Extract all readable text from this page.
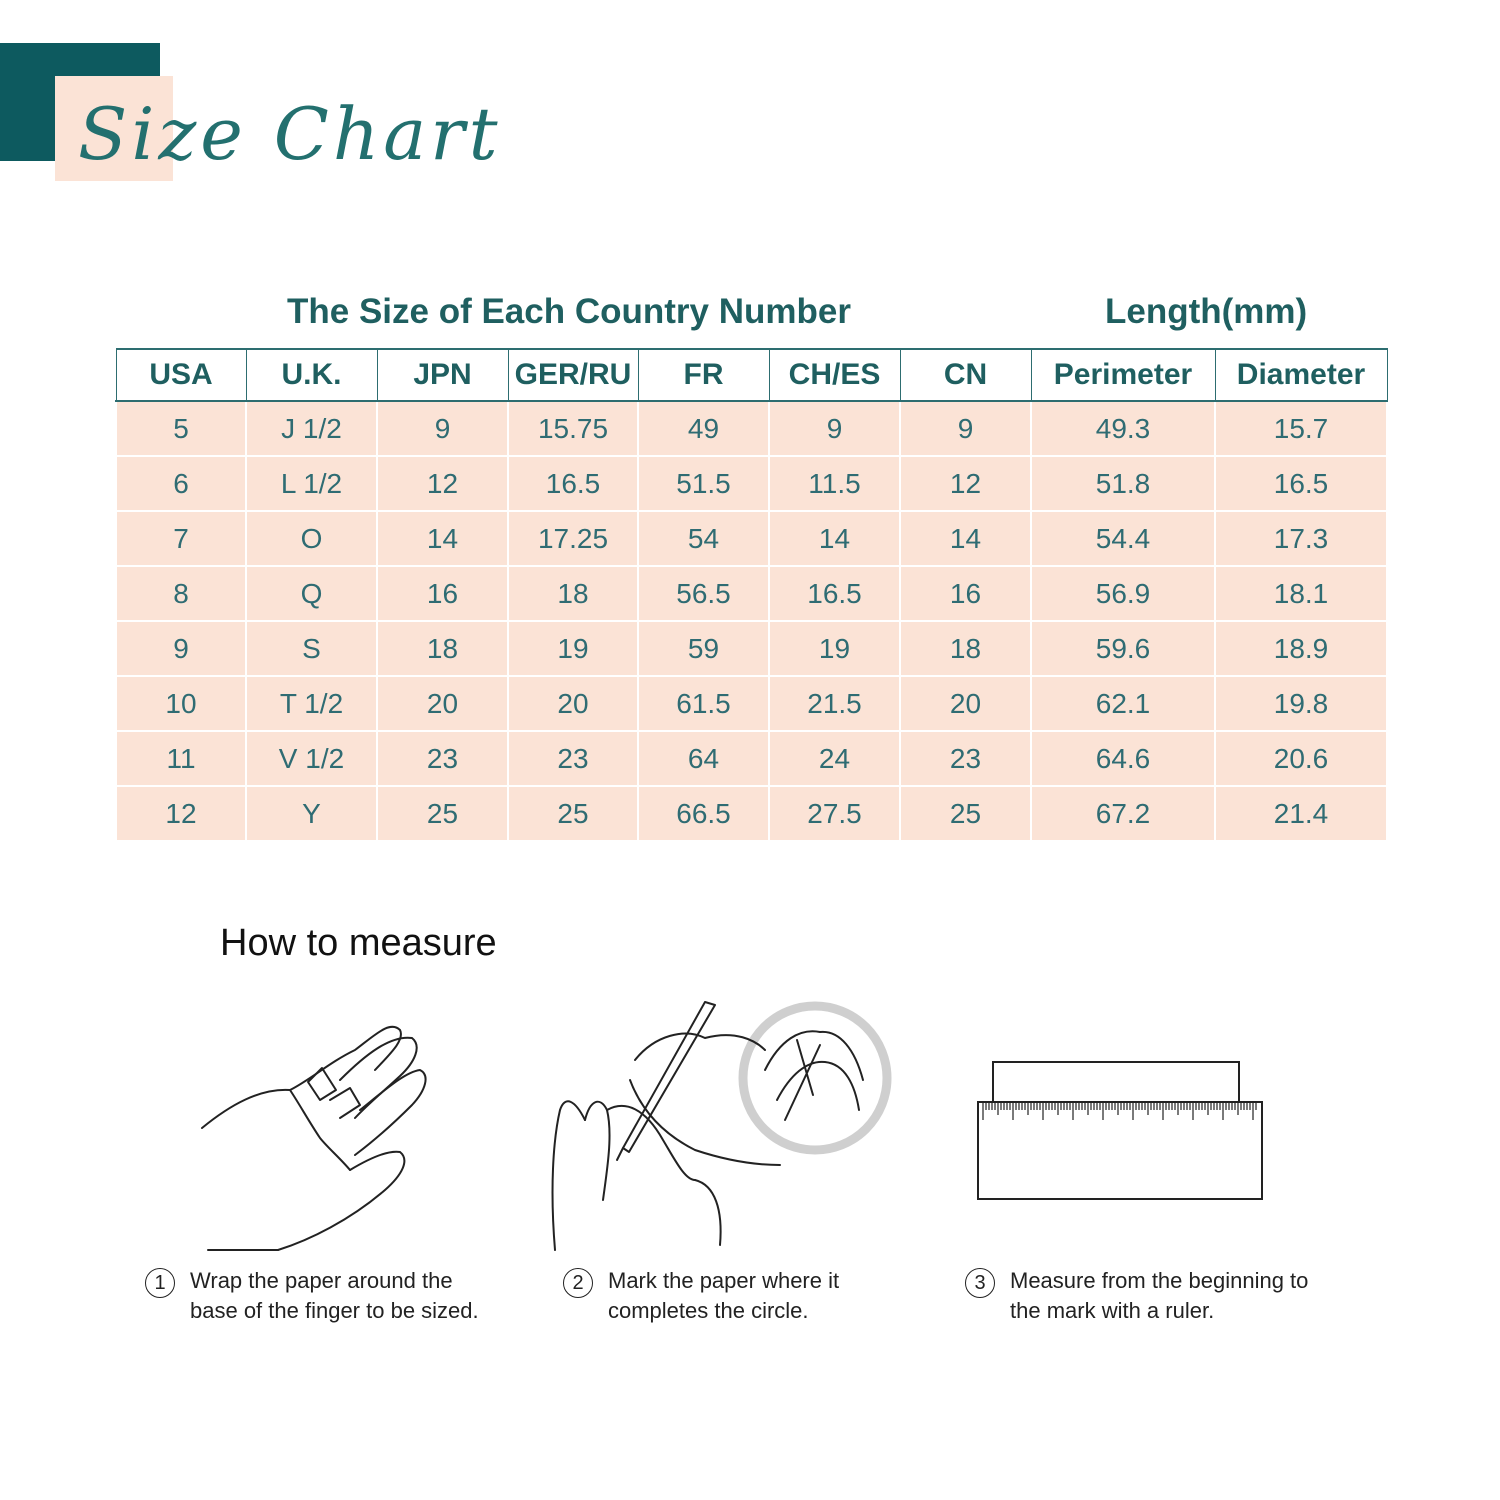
Size Chart
The Size of Each Country Number	Length(mm)
USA	U.K.	JPN	GER/RU	FR	CH/ES	CN	Perimeter	Diameter
5	J 1/2	9	15.75	49	9	9	49.3	15.7
6	L 1/2	12	16.5	51.5	11.5	12	51.8	16.5
7	O	14	17.25	54	14	14	54.4	17.3
8	Q	16	18	56.5	16.5	16	56.9	18.1
9	S	18	19	59	19	18	59.6	18.9
10	T 1/2	20	20	61.5	21.5	20	62.1	19.8
11	V 1/2	23	23	64	24	23	64.6	20.6
12	Y	25	25	66.5	27.5	25	67.2	21.4
How to measure
1	Wrap the paper around the
base of the finger to be sized.
2	Mark the paper where it
completes the circle.
3	Measure from the beginning to
the mark with a ruler.
